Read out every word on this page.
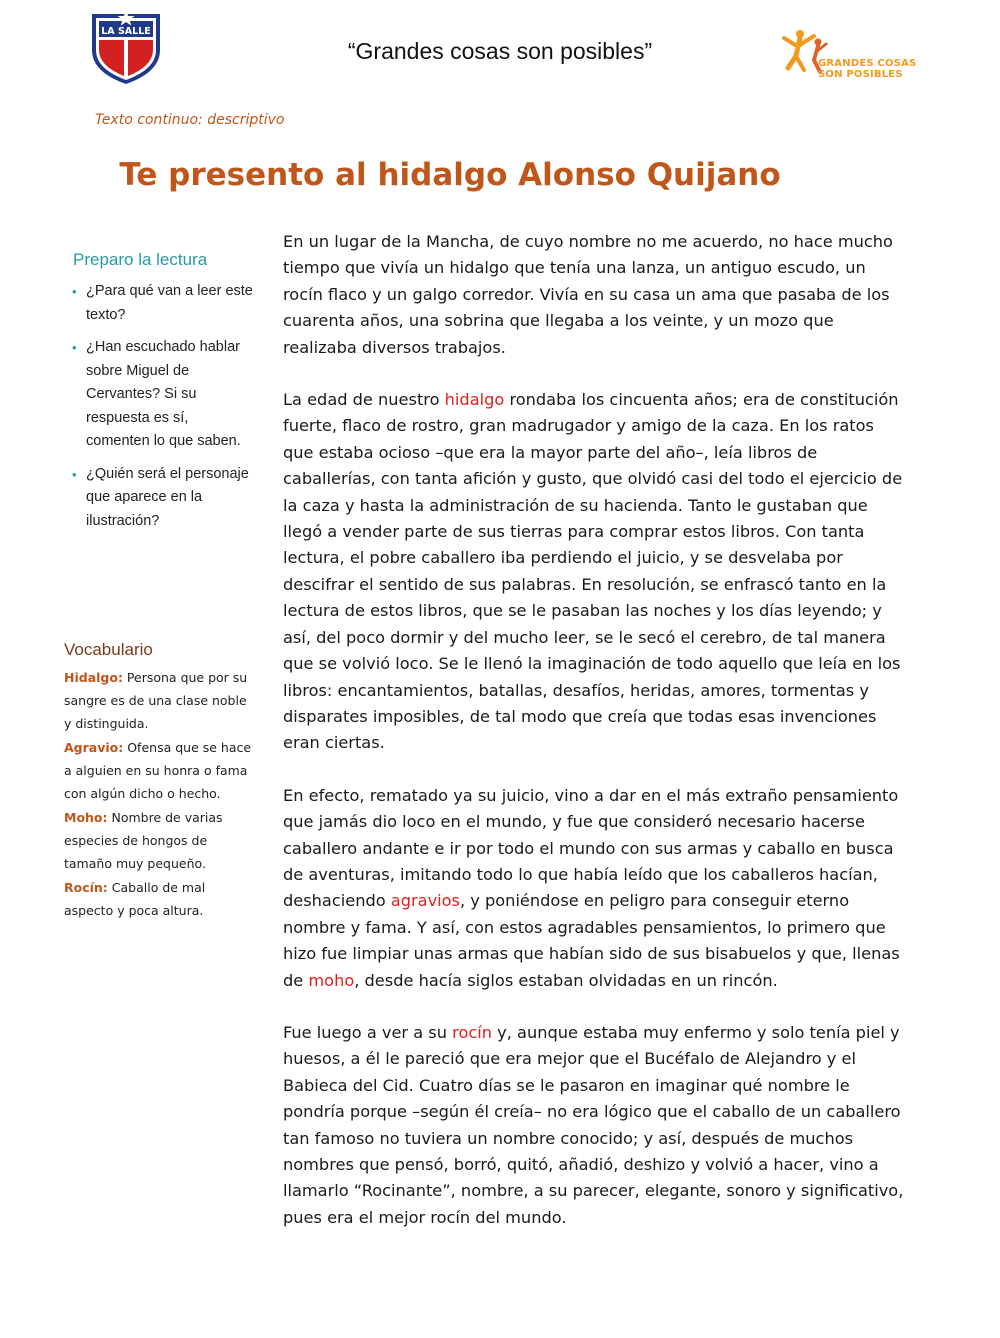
LA SALLE
“Grandes cosas son posibles”	GRANDES COSAS
SON POSIBLES
Texto continuo: descriptivo
Te presento al hidalgo Alonso Quijano
Preparo la lectura
• ¿Para qué van a leer este texto?
• ¿Han escuchado hablar sobre Miguel de Cervantes? Si su respuesta es sí, comenten lo que saben.
• ¿Quién será el personaje que aparece en la ilustración?
Vocabulario
Hidalgo: Persona que por su sangre es de una clase noble y distinguida.
Agravio: Ofensa que se hace a alguien en su honra o fama con algún dicho o hecho.
Moho: Nombre de varias especies de hongos de tamaño muy pequeño.
Rocín: Caballo de mal aspecto y poca altura.

En un lugar de la Mancha, de cuyo nombre no me acuerdo, no hace mucho tiempo que vivía un hidalgo que tenía una lanza, un antiguo escudo, un rocín flaco y un galgo corredor. Vivía en su casa un ama que pasaba de los cuarenta años, una sobrina que llegaba a los veinte, y un mozo que realizaba diversos trabajos.

La edad de nuestro hidalgo rondaba los cincuenta años; era de constitución fuerte, flaco de rostro, gran madrugador y amigo de la caza. En los ratos que estaba ocioso –que era la mayor parte del año–, leía libros de caballerías, con tanta afición y gusto, que olvidó casi del todo el ejercicio de la caza y hasta la administración de su hacienda. Tanto le gustaban que llegó a vender parte de sus tierras para comprar estos libros. Con tanta lectura, el pobre caballero iba perdiendo el juicio, y se desvelaba por descifrar el sentido de sus palabras. En resolución, se enfrascó tanto en la lectura de estos libros, que se le pasaban las noches y los días leyendo; y así, del poco dormir y del mucho leer, se le secó el cerebro, de tal manera que se volvió loco. Se le llenó la imaginación de todo aquello que leía en los libros: encantamientos, batallas, desafíos, heridas, amores, tormentas y disparates imposibles, de tal modo que creía que todas esas invenciones eran ciertas.

En efecto, rematado ya su juicio, vino a dar en el más extraño pensamiento que jamás dio loco en el mundo, y fue que consideró necesario hacerse caballero andante e ir por todo el mundo con sus armas y caballo en busca de aventuras, imitando todo lo que había leído que los caballeros hacían, deshaciendo agravios, y poniéndose en peligro para conseguir eterno nombre y fama. Y así, con estos agradables pensamientos, lo primero que hizo fue limpiar unas armas que habían sido de sus bisabuelos y que, llenas de moho, desde hacía siglos estaban olvidadas en un rincón.

Fue luego a ver a su rocín y, aunque estaba muy enfermo y solo tenía piel y huesos, a él le pareció que era mejor que el Bucéfalo de Alejandro y el Babieca del Cid. Cuatro días se le pasaron en imaginar qué nombre le pondría porque –según él creía– no era lógico que el caballo de un caballero tan famoso no tuviera un nombre conocido; y así, después de muchos nombres que pensó, borró, quitó, añadió, deshizo y volvió a hacer, vino a llamarlo “Rocinante”, nombre, a su parecer, elegante, sonoro y significativo, pues era el mejor rocín del mundo.
